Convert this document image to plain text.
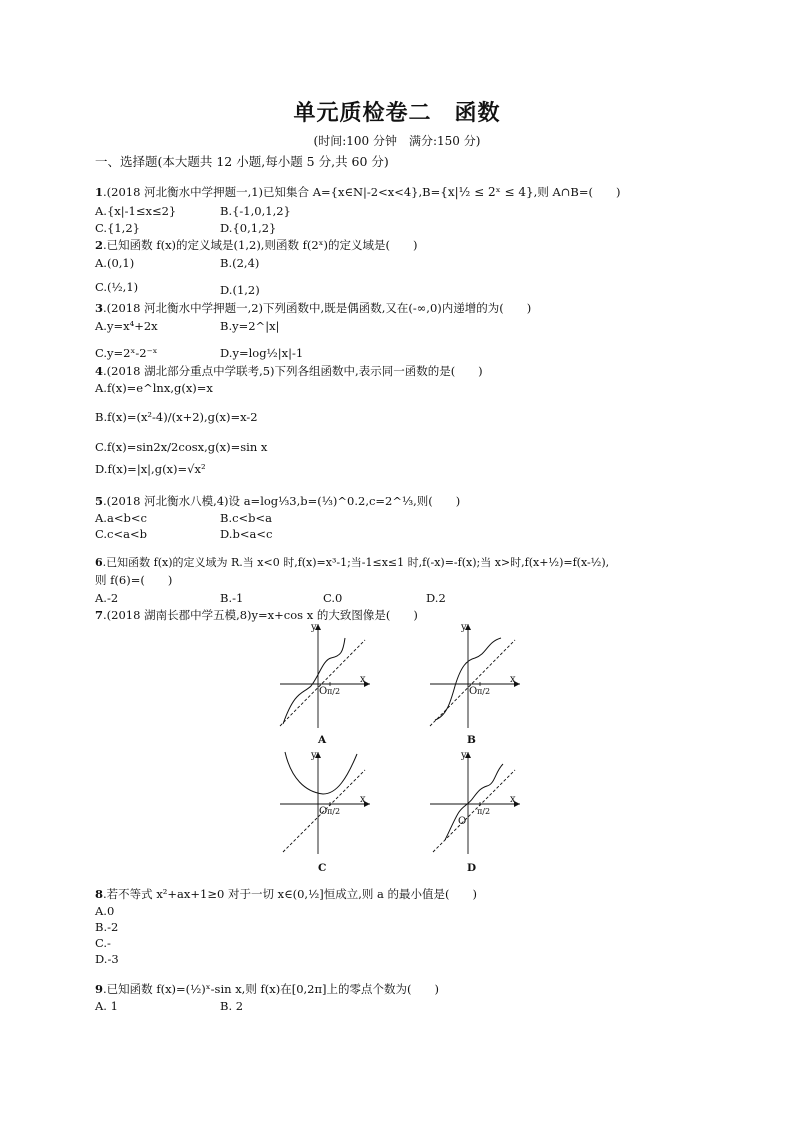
单元质检卷二　函数
(时间:100 分钟　满分:150 分)
一、选择题(本大题共 12 小题,每小题 5 分,共 60 分)
1.(2018 河北衡水中学押题一,1)已知集合 A={x∈N|-2<x<4},B={x|½ ≤ 2ˣ ≤ 4},则 A∩B=(　　)
A.{x|-1≤x≤2}	B.{-1,0,1,2}
C.{1,2}	D.{0,1,2}
2.已知函数 f(x)的定义域是(1,2),则函数 f(2ˣ)的定义域是(　　)
A.(0,1)	B.(2,4)
C.(½,1)	D.(1,2)
3.(2018 河北衡水中学押题一,2)下列函数中,既是偶函数,又在(-∞,0)内递增的为(　　)
A.y=x⁴+2x	B.y=2^|x|
C.y=2ˣ-2⁻ˣ	D.y=log½|x|-1
4.(2018 湖北部分重点中学联考,5)下列各组函数中,表示同一函数的是(　　)
A.f(x)=e^lnx,g(x)=x
B.f(x)=(x²-4)/(x+2),g(x)=x-2
C.f(x)=sin2x/2cosx,g(x)=sin x
D.f(x)=|x|,g(x)=√x²
5.(2018 河北衡水八模,4)设 a=log⅓3,b=(⅓)^0.2,c=2^⅓,则(　　)
A.a<b<c	B.c<b<a
C.c<a<b	D.b<a<c
6.已知函数 f(x)的定义域为 R.当 x<0 时,f(x)=x³-1;当-1≤x≤1 时,f(-x)=-f(x);当 x>时,f(x+½)=f(x-½),
则 f(6)=(　　)
A.-2	B.-1	C.0	D.2
7.(2018 湖南长郡中学五模,8)y=x+cos x 的大致图像是(　　)
O π/2
y
x
A
O π/2
y
x
B
O π/2
y
x
C
O
π/2
y
x
D
8.若不等式 x²+ax+1≥0 对于一切 x∈(0,½]恒成立,则 a 的最小值是(　　)
A.0
B.-2
C.-
D.-3
9.已知函数 f(x)=(½)ˣ-sin x,则 f(x)在[0,2π]上的零点个数为(　　)
A. 1	B. 2
